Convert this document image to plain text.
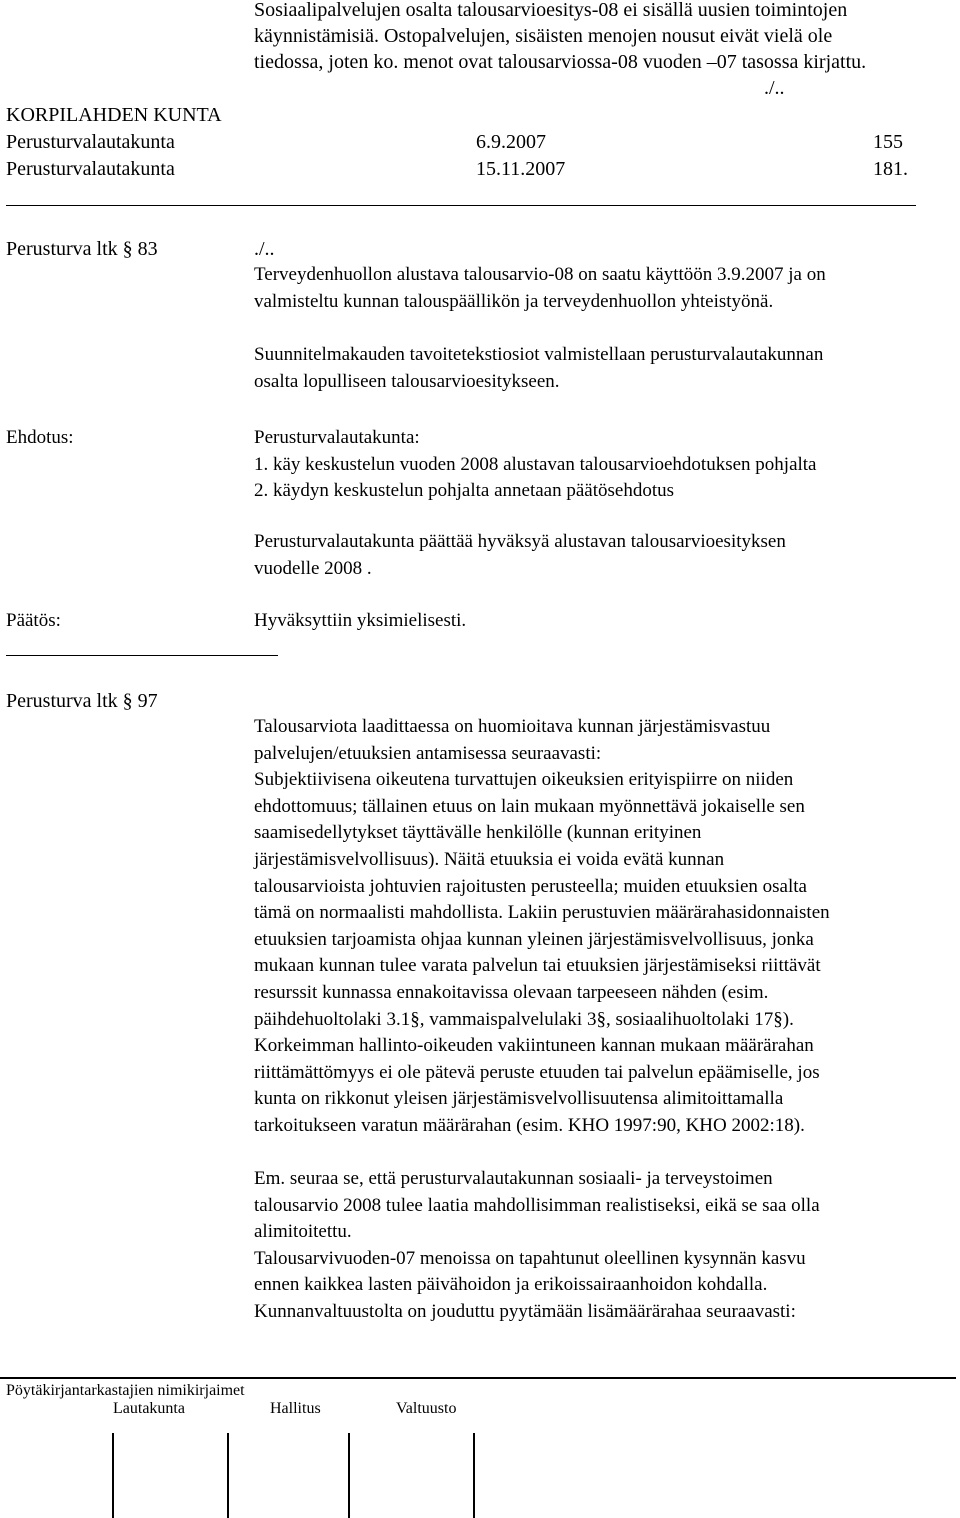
Sosiaalipalvelujen osalta talousarvioesitys-08 ei sisällä uusien toimintojen
käynnistämisiä. Ostopalvelujen, sisäisten menojen nousut eivät vielä ole
tiedossa, joten ko. menot ovat talousarviossa-08 vuoden –07 tasossa kirjattu.
./..
KORPILAHDEN KUNTA
Perusturvalautakunta	6.9.2007	155
Perusturvalautakunta	15.11.2007	181.
Perusturva ltk § 83	./..
Terveydenhuollon alustava talousarvio-08 on saatu käyttöön 3.9.2007 ja on
valmisteltu kunnan talouspäällikön ja terveydenhuollon yhteistyönä.
Suunnitelmakauden tavoitetekstiosiot valmistellaan perusturvalautakunnan
osalta lopulliseen talousarvioesitykseen.
Ehdotus:	Perusturvalautakunta:
1. käy keskustelun vuoden 2008 alustavan talousarvioehdotuksen pohjalta
2. käydyn keskustelun pohjalta annetaan päätösehdotus
Perusturvalautakunta päättää hyväksyä alustavan talousarvioesityksen
vuodelle 2008 .
Päätös:	Hyväksyttiin yksimielisesti.
Perusturva ltk § 97
Talousarviota laadittaessa on huomioitava kunnan järjestämisvastuu
palvelujen/etuuksien antamisessa seuraavasti:
Subjektiivisena oikeutena turvattujen oikeuksien erityispiirre on niiden
ehdottomuus; tällainen etuus on lain mukaan myönnettävä jokaiselle sen
saamisedellytykset täyttävälle henkilölle (kunnan erityinen
järjestämisvelvollisuus). Näitä etuuksia ei voida evätä kunnan
talousarvioista johtuvien rajoitusten perusteella; muiden etuuksien osalta
tämä on normaalisti mahdollista. Lakiin perustuvien määrärahasidonnaisten
etuuksien tarjoamista ohjaa kunnan yleinen järjestämisvelvollisuus, jonka
mukaan kunnan tulee varata palvelun tai etuuksien järjestämiseksi riittävät
resurssit kunnassa ennakoitavissa olevaan tarpeeseen nähden (esim.
päihdehuoltolaki 3.1§, vammaispalvelulaki 3§, sosiaalihuoltolaki 17§).
Korkeimman hallinto-oikeuden vakiintuneen kannan mukaan määrärahan
riittämättömyys ei ole pätevä peruste etuuden tai palvelun epäämiselle, jos
kunta on rikkonut yleisen järjestämisvelvollisuutensa alimitoittamalla
tarkoitukseen varatun määrärahan (esim. KHO 1997:90, KHO 2002:18).
Em. seuraa se, että perusturvalautakunnan sosiaali- ja terveystoimen
talousarvio 2008 tulee laatia mahdollisimman realistiseksi, eikä se saa olla
alimitoitettu.
Talousarvivuoden-07 menoissa on tapahtunut oleellinen kysynnän kasvu
ennen kaikkea lasten päivähoidon ja erikoissairaanhoidon kohdalla.
Kunnanvaltuustolta on jouduttu pyytämään lisämäärärahaa seuraavasti:
Pöytäkirjantarkastajien nimikirjaimet
Lautakunta	Hallitus	Valtuusto
